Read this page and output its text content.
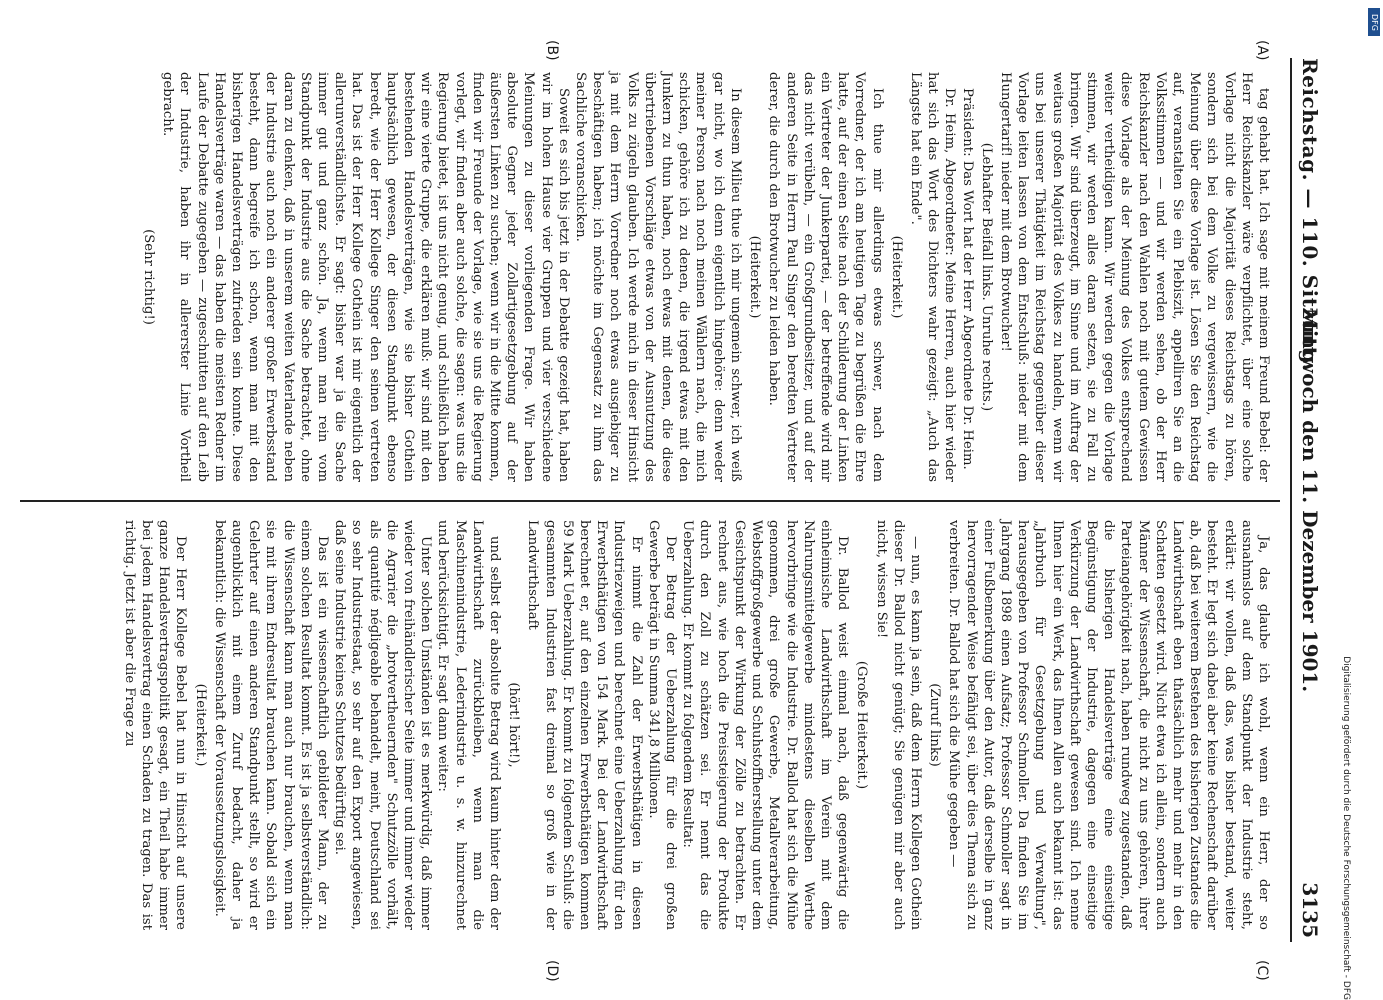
Reichstag. — 110. Sitzung.
Mittwoch den 11. Dezember 1901.
3135
(A)
(B)
(C)
(D)

tag gehabt hat. Ich sage mit meinem Freund Bebel: der Herr Reichskanzler wäre verpflichtet, über eine solche Vorlage nicht die Majorität dieses Reichstags zu hören, sondern sich bei dem Volke zu vergewissern, wie die Meinung über diese Vorlage ist. Lösen Sie den Reichstag auf, veranstalten Sie ein Plebiszit, appelliren Sie an die Volksstimmen — und wir werden sehen, ob der Herr Reichskanzler nach den Wahlen noch mit gutem Gewissen diese Vorlage als der Meinung des Volkes entsprechend weiter vertheidigen kann. Wir werden gegen die Vorlage stimmen, wir werden alles daran setzen, sie zu Fall zu bringen. Wir sind überzeugt, im Sinne und im Auftrag der weitaus großen Majorität des Volkes zu handeln, wenn wir uns bei unserer Thätigkeit im Reichstag gegenüber dieser Vorlage leiten lassen von dem Entschluß: nieder mit dem Hungertarif! nieder mit dem Brotwucher!

(Lebhafter Beifall links. Unruhe rechts.)

Präsident: Das Wort hat der Herr Abgeordnete Dr. Heim.

Dr. Heim, Abgeordneter: Meine Herren, auch hier wieder hat sich das Wort des Dichters wahr gezeigt: „Auch das Längste hat ein Ende".

(Heiterkeit.)

Ich thue mir allerdings etwas schwer, nach dem Vorredner, der ich am heutigen Tage zu begrüßen die Ehre hatte, auf der einen Seite nach der Schilderung der Linken ein Vertreter der Junkerpartei, — der betreffende wird mir das nicht verübeln, — ein Großgrundbesitzer, und auf der anderen Seite in Herrn Paul Singer den beredten Vertreter derer, die durch den Brotwucher zu leiden haben.

(Heiterkeit.)

In diesem Milieu thue ich mir ungemein schwer, ich weiß gar nicht, wo ich denn eigentlich hingehöre: denn weder meiner Person nach noch meinen Wählern nach, die mich schicken, gehöre ich zu denen, die irgend etwas mit den Junkern zu thun haben, noch etwas mit denen, die diese übertriebenen Vorschläge etwas von der Ausnutzung des Volks zu zügeln glauben. Ich werde mich in dieser Hinsicht ja mit dem Herrn Vorredner noch etwas ausgiebiger zu beschäftigen haben; ich möchte im Gegensatz zu ihm das Sachliche voranschicken.

Soweit es sich bis jetzt in der Debatte gezeigt hat, haben wir im hohen Hause vier Gruppen und vier verschiedene Meinungen zu dieser vorliegenden Frage. Wir haben absolute Gegner jeder Zollartigesetzgebung auf der äußersten Linken zu suchen; wenn wir in die Mitte kommen, finden wir Freunde der Vorlage, wie sie uns die Regierung vorlegt, wir finden aber auch solche, die sagen: was uns die Regierung bietet, ist uns nicht genug, und schließlich haben wir eine vierte Gruppe, die erklären muß: wir sind mit den bestehenden Handelsverträgen, wie sie bisher Gothein hauptsächlich gewesen, der diesen Standpunkt ebenso beredt, wie der Herr Kollege Singer den seinen vertreten hat. Das ist der Herr Kollege Gothein ist mir eigentlich der allerunverständlichste. Er sagt: bisher war ja die Sache immer gut und ganz schön. Ja, wenn man rein vom Standpunkt der Industrie aus die Sache betrachtet, ohne daran zu denken, daß in unserem weiten Vaterlande neben der Industrie auch noch ein anderer großer Erwerbsstand besteht, dann begreife ich schon, wenn man mit den bisherigen Handelsverträgen zufrieden sein konnte. Diese Handelsverträge waren — das haben die meisten Redner im Laufe der Debatte zugegeben — zugeschnitten auf den Leib der Industrie, haben ihr in allererster Linie Vortheil gebracht.

(Sehr richtig!)

Ja, das glaube ich wohl, wenn ein Herr, der so ausnahmslos auf dem Standpunkt der Industrie steht, erklärt: wir wollen, daß das, was bisher bestand, weiter besteht. Er legt sich dabei aber keine Rechenschaft darüber ab, daß bei weiterem Bestehen des bisherigen Zustandes die Landwirthschaft eben thatsächlich mehr und mehr in den Schatten gesetzt wird. Nicht etwa ich allein, sondern auch Männer der Wissenschaft, die nicht zu uns gehören, ihrer Parteiangehörigkeit nach, haben rundweg zugestanden, daß die bisherigen Handelsverträge eine einseitige Begünstigung der Industrie, dagegen eine einseitige Verkürzung der Landwirthschaft gewesen sind. Ich nenne Ihnen hier ein Werk, das Ihnen Allen auch bekannt ist: das „Jahrbuch für Gesetzgebung und Verwaltung", herausgegeben von Professor Schmoller. Da finden Sie im Jahrgang 1898 einen Aufsatz; Professor Schmoller sagt in einer Fußbemerkung über den Autor, daß derselbe in ganz hervorragender Weise befähigt sei, über dies Thema sich zu verbreiten. Dr. Ballod hat sich die Mühe gegeben —

(Zuruf links)

— nun, es kann ja sein, daß dem Herrn Kollegen Gothein dieser Dr. Ballod nicht genügt; Sie genügen mir aber auch nicht, wissen Sie!

(Große Heiterkeit.)

Dr. Ballod weist einmal nach, daß gegenwärtig die einheimische Landwirthschaft im Verein mit dem Nahrungsmittelgewerbe mindestens dieselben Werthe hervorbringe wie die Industrie. Dr. Ballod hat sich die Mühe genommen, drei große Gewerbe, Metallverarbeitung, Webstoffgroßgewerbe und Schuhstoffherstellung unter dem Gesichtspunkt der Wirkung der Zölle zu betrachten. Er rechnet aus, wie hoch die Preissteigerung der Produkte durch den Zoll zu schätzen sei. Er nennt das die Ueberzahlung. Er kommt zu folgendem Resultat:

Der Betrag der Ueberzahlung für die drei großen Gewerbe beträgt in Summa 341,8 Millionen.

Er nimmt die Zahl der Erwerbsthätigen in diesen Industriezweigen und berechnet eine Ueberzahlung für den Erwerbsthätigen von 154 Mark. Bei der Landwirthschaft berechnet er, auf den einzelnen Erwerbsthätigen kommen 59 Mark Ueberzahlung. Er kommt zu folgendem Schluß: die gesammten Industrien fast dreimal so groß wie in der Landwirthschaft

(hört! hört!),

und selbst der absolute Betrag wird kaum hinter dem der Landwirthschaft zurückbleiben, wenn man die Maschinenindustrie, Lederindustrie u. s. w. hinzurechnet und berücksichtigt. Er sagt dann weiter:

Unter solchen Umständen ist es merkwürdig, daß immer wieder von freihändlerischer Seite immer und immer wieder die Agrarier die „brotvertheuernden" Schutzzölle vorhält, als quantité négligeable behandelt, meint, Deutschland sei so sehr Industriestaat, so sehr auf den Export angewiesen, daß seine Industrie keines Schutzes bedürftig sei.

Das ist ein wissenschaftlich gebildeter Mann, der zu einem solchen Resultat kommt. Es ist ja selbstverständlich: die Wissenschaft kann man auch nur brauchen, wenn man sie mit ihrem Endresultat brauchen kann. Sobald sich ein Gelehrter auf einen anderen Standpunkt stellt, so wird er augenblicklich mit einem Zuruf bedacht, daher ja bekanntlich: die Wissenschaft der Voraussetzungslosigkeit.

(Heiterkeit.)

Der Herr Kollege Bebel hat nun in Hinsicht auf unsere ganze Handelsvertragspolitik gesagt, ein Theil habe immer bei jedem Handelsvertrag einen Schaden zu tragen. Das ist richtig. Jetzt ist aber die Frage zu

Digitalisierung gefördert durch die Deutsche Forschungsgemeinschaft - DFG
DFG
